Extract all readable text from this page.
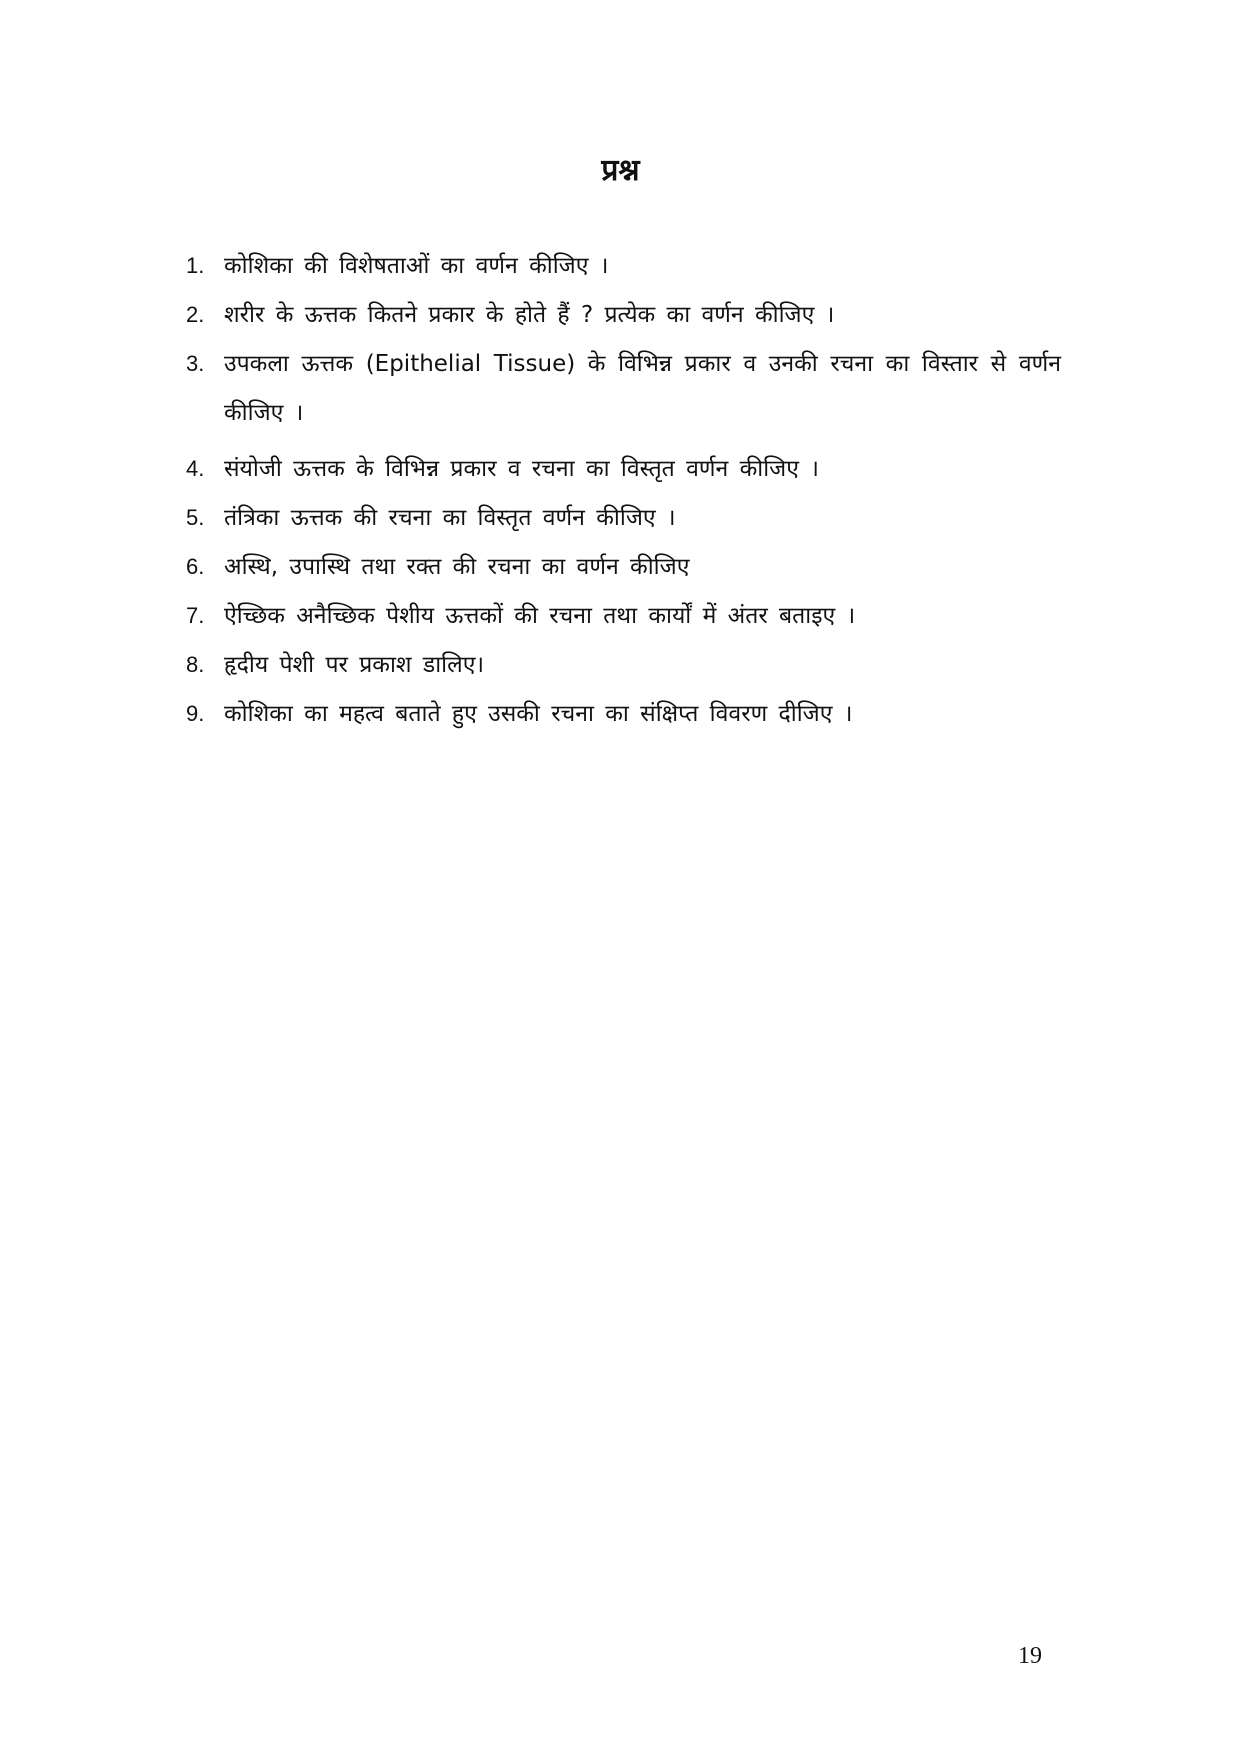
प्रश्न
1. कोशिका की विशेषताओं का वर्णन कीजिए ।
2. शरीर के ऊत्तक कितने प्रकार के होते हैं ? प्रत्येक का वर्णन कीजिए ।
3. उपकला ऊत्तक (Epithelial Tissue) के विभिन्न प्रकार व उनकी रचना का विस्तार से वर्णन कीजिए ।
4. संयोजी ऊत्तक के विभिन्न प्रकार व रचना का विस्तृत वर्णन कीजिए ।
5. तंत्रिका ऊत्तक की रचना का विस्तृत वर्णन कीजिए ।
6. अस्थि, उपास्थि तथा रक्त की रचना का वर्णन कीजिए
7. ऐच्छिक अनैच्छिक पेशीय ऊत्तकों की रचना तथा कार्यों में अंतर बताइए ।
8. हृदीय पेशी पर प्रकाश डालिए।
9. कोशिका का महत्व बताते हुए उसकी रचना का संक्षिप्त विवरण दीजिए ।
19
